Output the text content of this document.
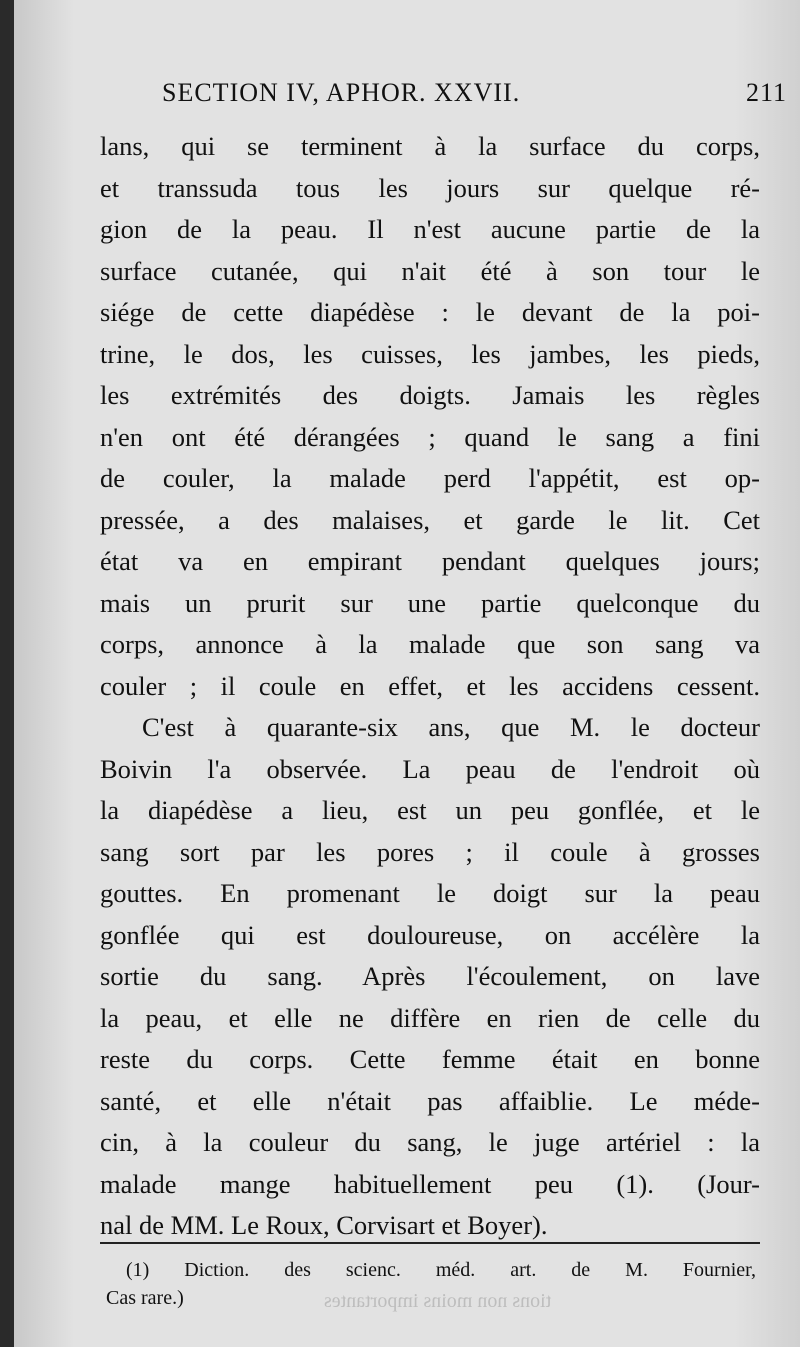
SECTION IV, APHOR. XXVII.	211
lans, qui se terminent à la surface du corps,
et transsuda tous les jours sur quelque ré-
gion de la peau. Il n'est aucune partie de la
surface cutanée, qui n'ait été à son tour le
siége de cette diapédèse : le devant de la poi-
trine, le dos, les cuisses, les jambes, les pieds,
les extrémités des doigts. Jamais les règles
n'en ont été dérangées ; quand le sang a fini
de couler, la malade perd l'appétit, est op-
pressée, a des malaises, et garde le lit. Cet
état va en empirant pendant quelques jours;
mais un prurit sur une partie quelconque du
corps, annonce à la malade que son sang va
couler ; il coule en effet, et les accidens cessent.
C'est à quarante-six ans, que M. le docteur
Boivin l'a observée. La peau de l'endroit où
la diapédèse a lieu, est un peu gonflée, et le
sang sort par les pores ; il coule à grosses
gouttes. En promenant le doigt sur la peau
gonflée qui est douloureuse, on accélère la
sortie du sang. Après l'écoulement, on lave
la peau, et elle ne diffère en rien de celle du
reste du corps. Cette femme était en bonne
santé, et elle n'était pas affaiblie. Le méde-
cin, à la couleur du sang, le juge artériel : la
malade mange habituellement peu (1). (Jour-
nal de MM. Le Roux, Corvisart et Boyer).
(1) Diction. des scienc. méd. art. de M. Fournier,
Cas rare.)	tions non moins importantes
